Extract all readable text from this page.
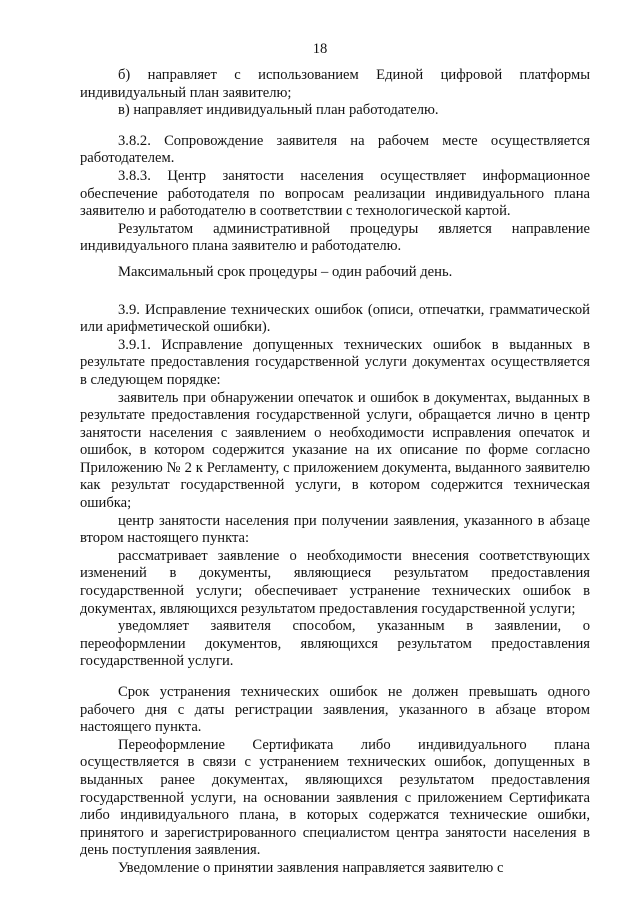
18

б) направляет с использованием Единой цифровой платформы индивидуальный план заявителю;

в) направляет индивидуальный план работодателю.

3.8.2. Сопровождение заявителя на рабочем месте осуществляется работодателем.

3.8.3. Центр занятости населения осуществляет информационное обеспечение работодателя по вопросам реализации индивидуального плана заявителю и работодателю в соответствии с технологической картой.

Результатом административной процедуры является направление индивидуального плана заявителю и работодателю.

Максимальный срок процедуры – один рабочий день.

3.9. Исправление технических ошибок (описи, отпечатки, грамматической или арифметической ошибки).

3.9.1. Исправление допущенных технических ошибок в выданных в результате предоставления государственной услуги документах осуществляется в следующем порядке:

заявитель при обнаружении опечаток и ошибок в документах, выданных в результате предоставления государственной услуги, обращается лично в центр занятости населения с заявлением о необходимости исправления опечаток и ошибок, в котором содержится указание на их описание по форме согласно Приложению № 2 к Регламенту, с приложением документа, выданного заявителю как результат государственной услуги, в котором содержится техническая ошибка;

центр занятости населения при получении заявления, указанного в абзаце втором настоящего пункта:

рассматривает заявление о необходимости внесения соответствующих изменений в документы, являющиеся результатом предоставления государственной услуги; обеспечивает устранение технических ошибок в документах, являющихся результатом предоставления государственной услуги;

уведомляет заявителя способом, указанным в заявлении, о переоформлении документов, являющихся результатом предоставления государственной услуги.

Срок устранения технических ошибок не должен превышать одного рабочего дня с даты регистрации заявления, указанного в абзаце втором настоящего пункта.

Переоформление Сертификата либо индивидуального плана осуществляется в связи с устранением технических ошибок, допущенных в выданных ранее документах, являющихся результатом предоставления государственной услуги, на основании заявления с приложением Сертификата либо индивидуального плана, в которых содержатся технические ошибки, принятого и зарегистрированного специалистом центра занятости населения в день поступления заявления.

Уведомление о принятии заявления направляется заявителю с
